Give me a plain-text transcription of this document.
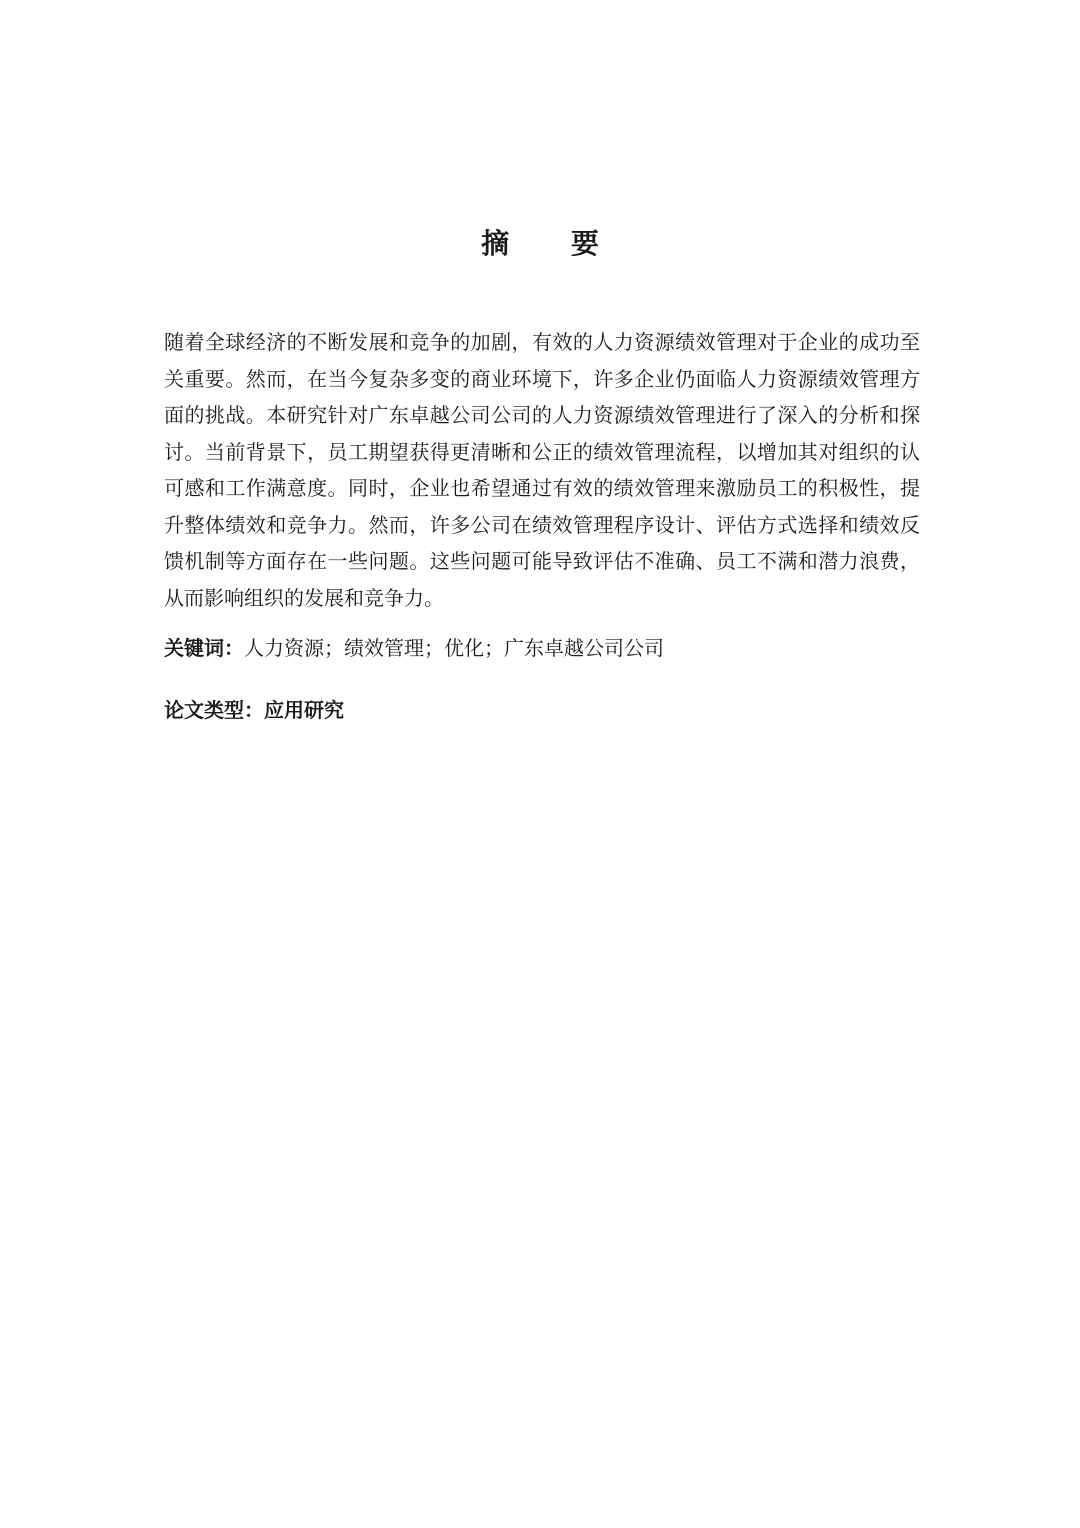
摘 要
随着全球经济的不断发展和竞争的加剧，有效的人力资源绩效管理对于企业的成功至关重要。然而，在当今复杂多变的商业环境下，许多企业仍面临人力资源绩效管理方面的挑战。本研究针对广东卓越公司公司的人力资源绩效管理进行了深入的分析和探讨。当前背景下，员工期望获得更清晰和公正的绩效管理流程，以增加其对组织的认可感和工作满意度。同时，企业也希望通过有效的绩效管理来激励员工的积极性，提升整体绩效和竞争力。然而，许多公司在绩效管理程序设计、评估方式选择和绩效反馈机制等方面存在一些问题。这些问题可能导致评估不准确、员工不满和潜力浪费，从而影响组织的发展和竞争力。
关键词：人力资源；绩效管理；优化；广东卓越公司公司
论文类型：应用研究
